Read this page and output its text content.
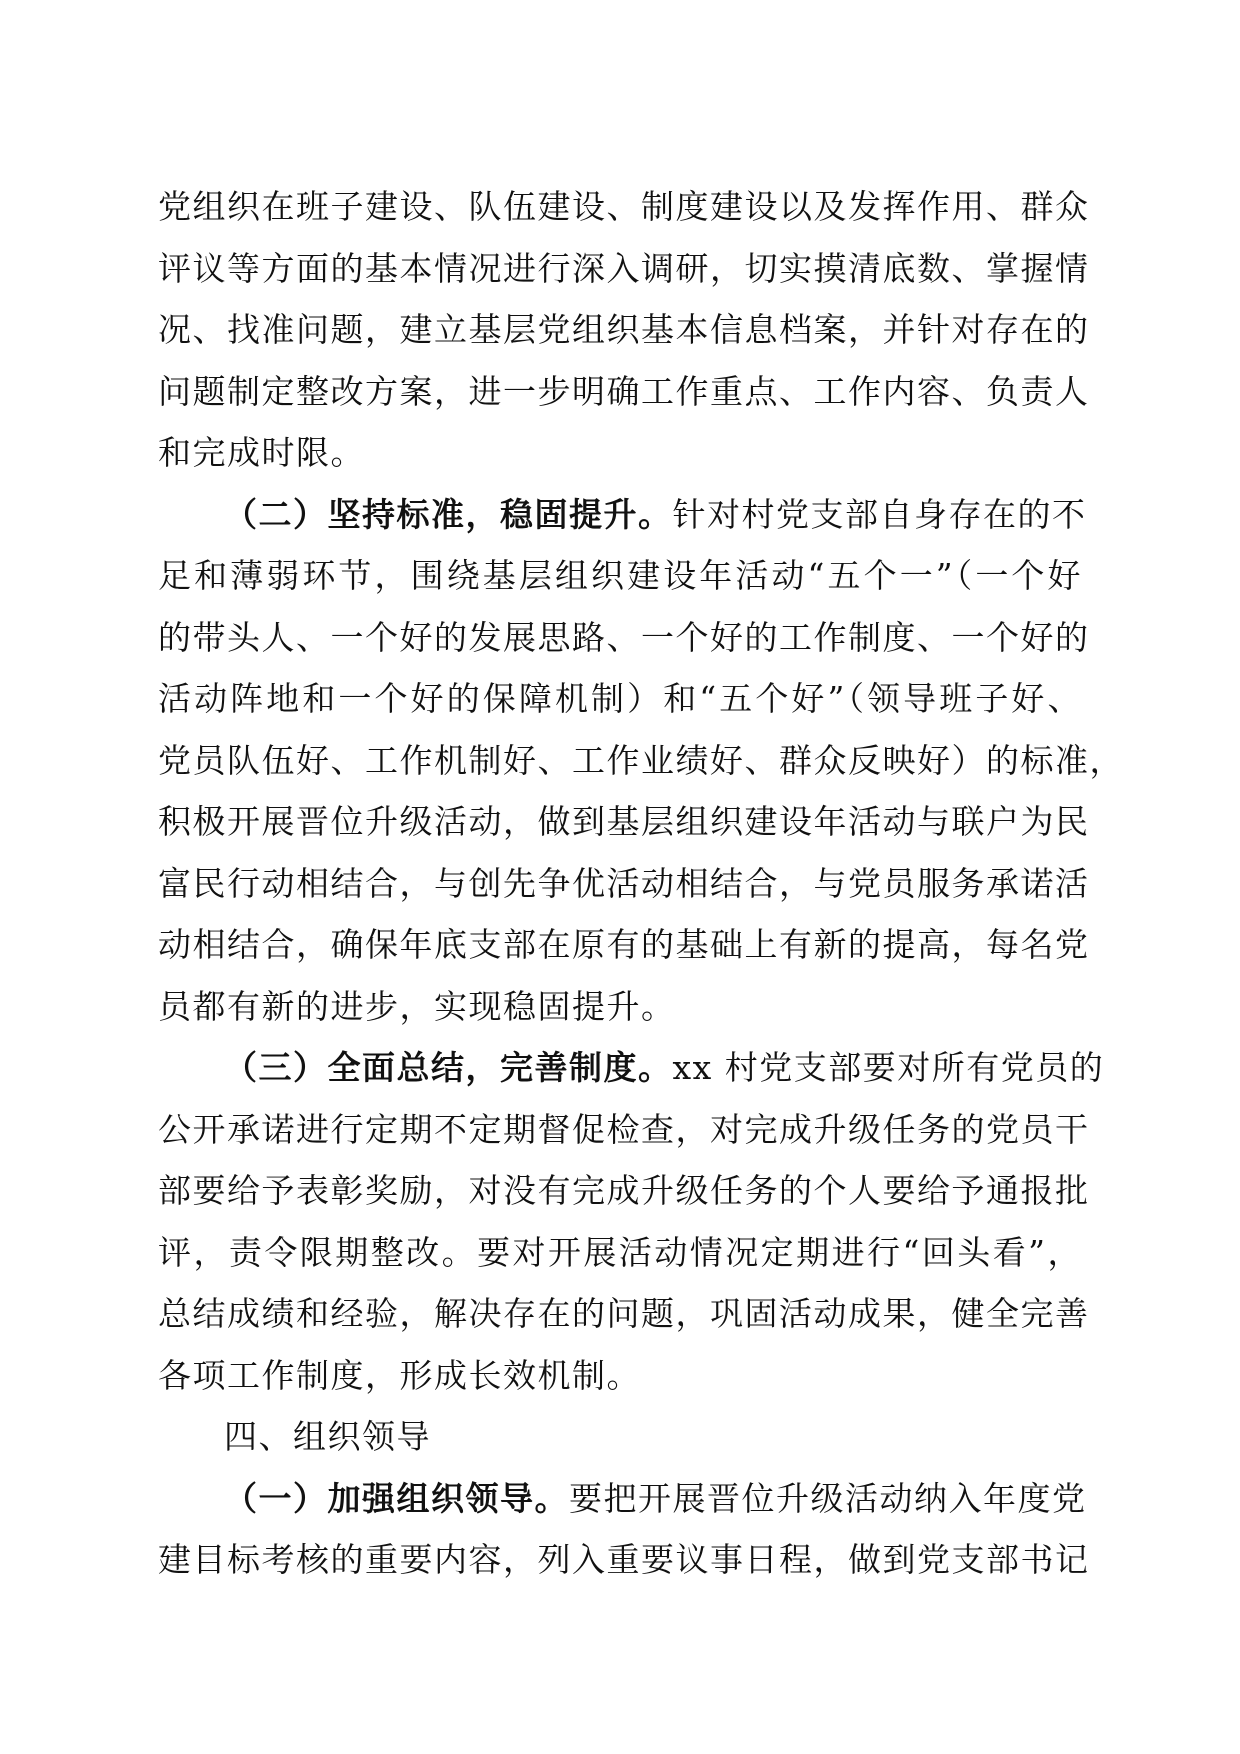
党组织在班子建设、队伍建设、制度建设以及发挥作用、群众
评议等方面的基本情况进行深入调研，切实摸清底数、掌握情
况、找准问题，建立基层党组织基本信息档案，并针对存在的
问题制定整改方案，进一步明确工作重点、工作内容、负责人
和完成时限。
（二）坚持标准，稳固提升。针对村党支部自身存在的不
足和薄弱环节，围绕基层组织建设年活动“五个一”（一个好
的带头人、一个好的发展思路、一个好的工作制度、一个好的
活动阵地和一个好的保障机制）和“五个好”（领导班子好、
党员队伍好、工作机制好、工作业绩好、群众反映好）的标准，
积极开展晋位升级活动，做到基层组织建设年活动与联户为民
富民行动相结合，与创先争优活动相结合，与党员服务承诺活
动相结合，确保年底支部在原有的基础上有新的提高，每名党
员都有新的进步，实现稳固提升。
（三）全面总结，完善制度。xx 村党支部要对所有党员的
公开承诺进行定期不定期督促检查，对完成升级任务的党员干
部要给予表彰奖励，对没有完成升级任务的个人要给予通报批
评，责令限期整改。要对开展活动情况定期进行“回头看”，
总结成绩和经验，解决存在的问题，巩固活动成果，健全完善
各项工作制度，形成长效机制。
四、组织领导
（一）加强组织领导。要把开展晋位升级活动纳入年度党
建目标考核的重要内容，列入重要议事日程，做到党支部书记
